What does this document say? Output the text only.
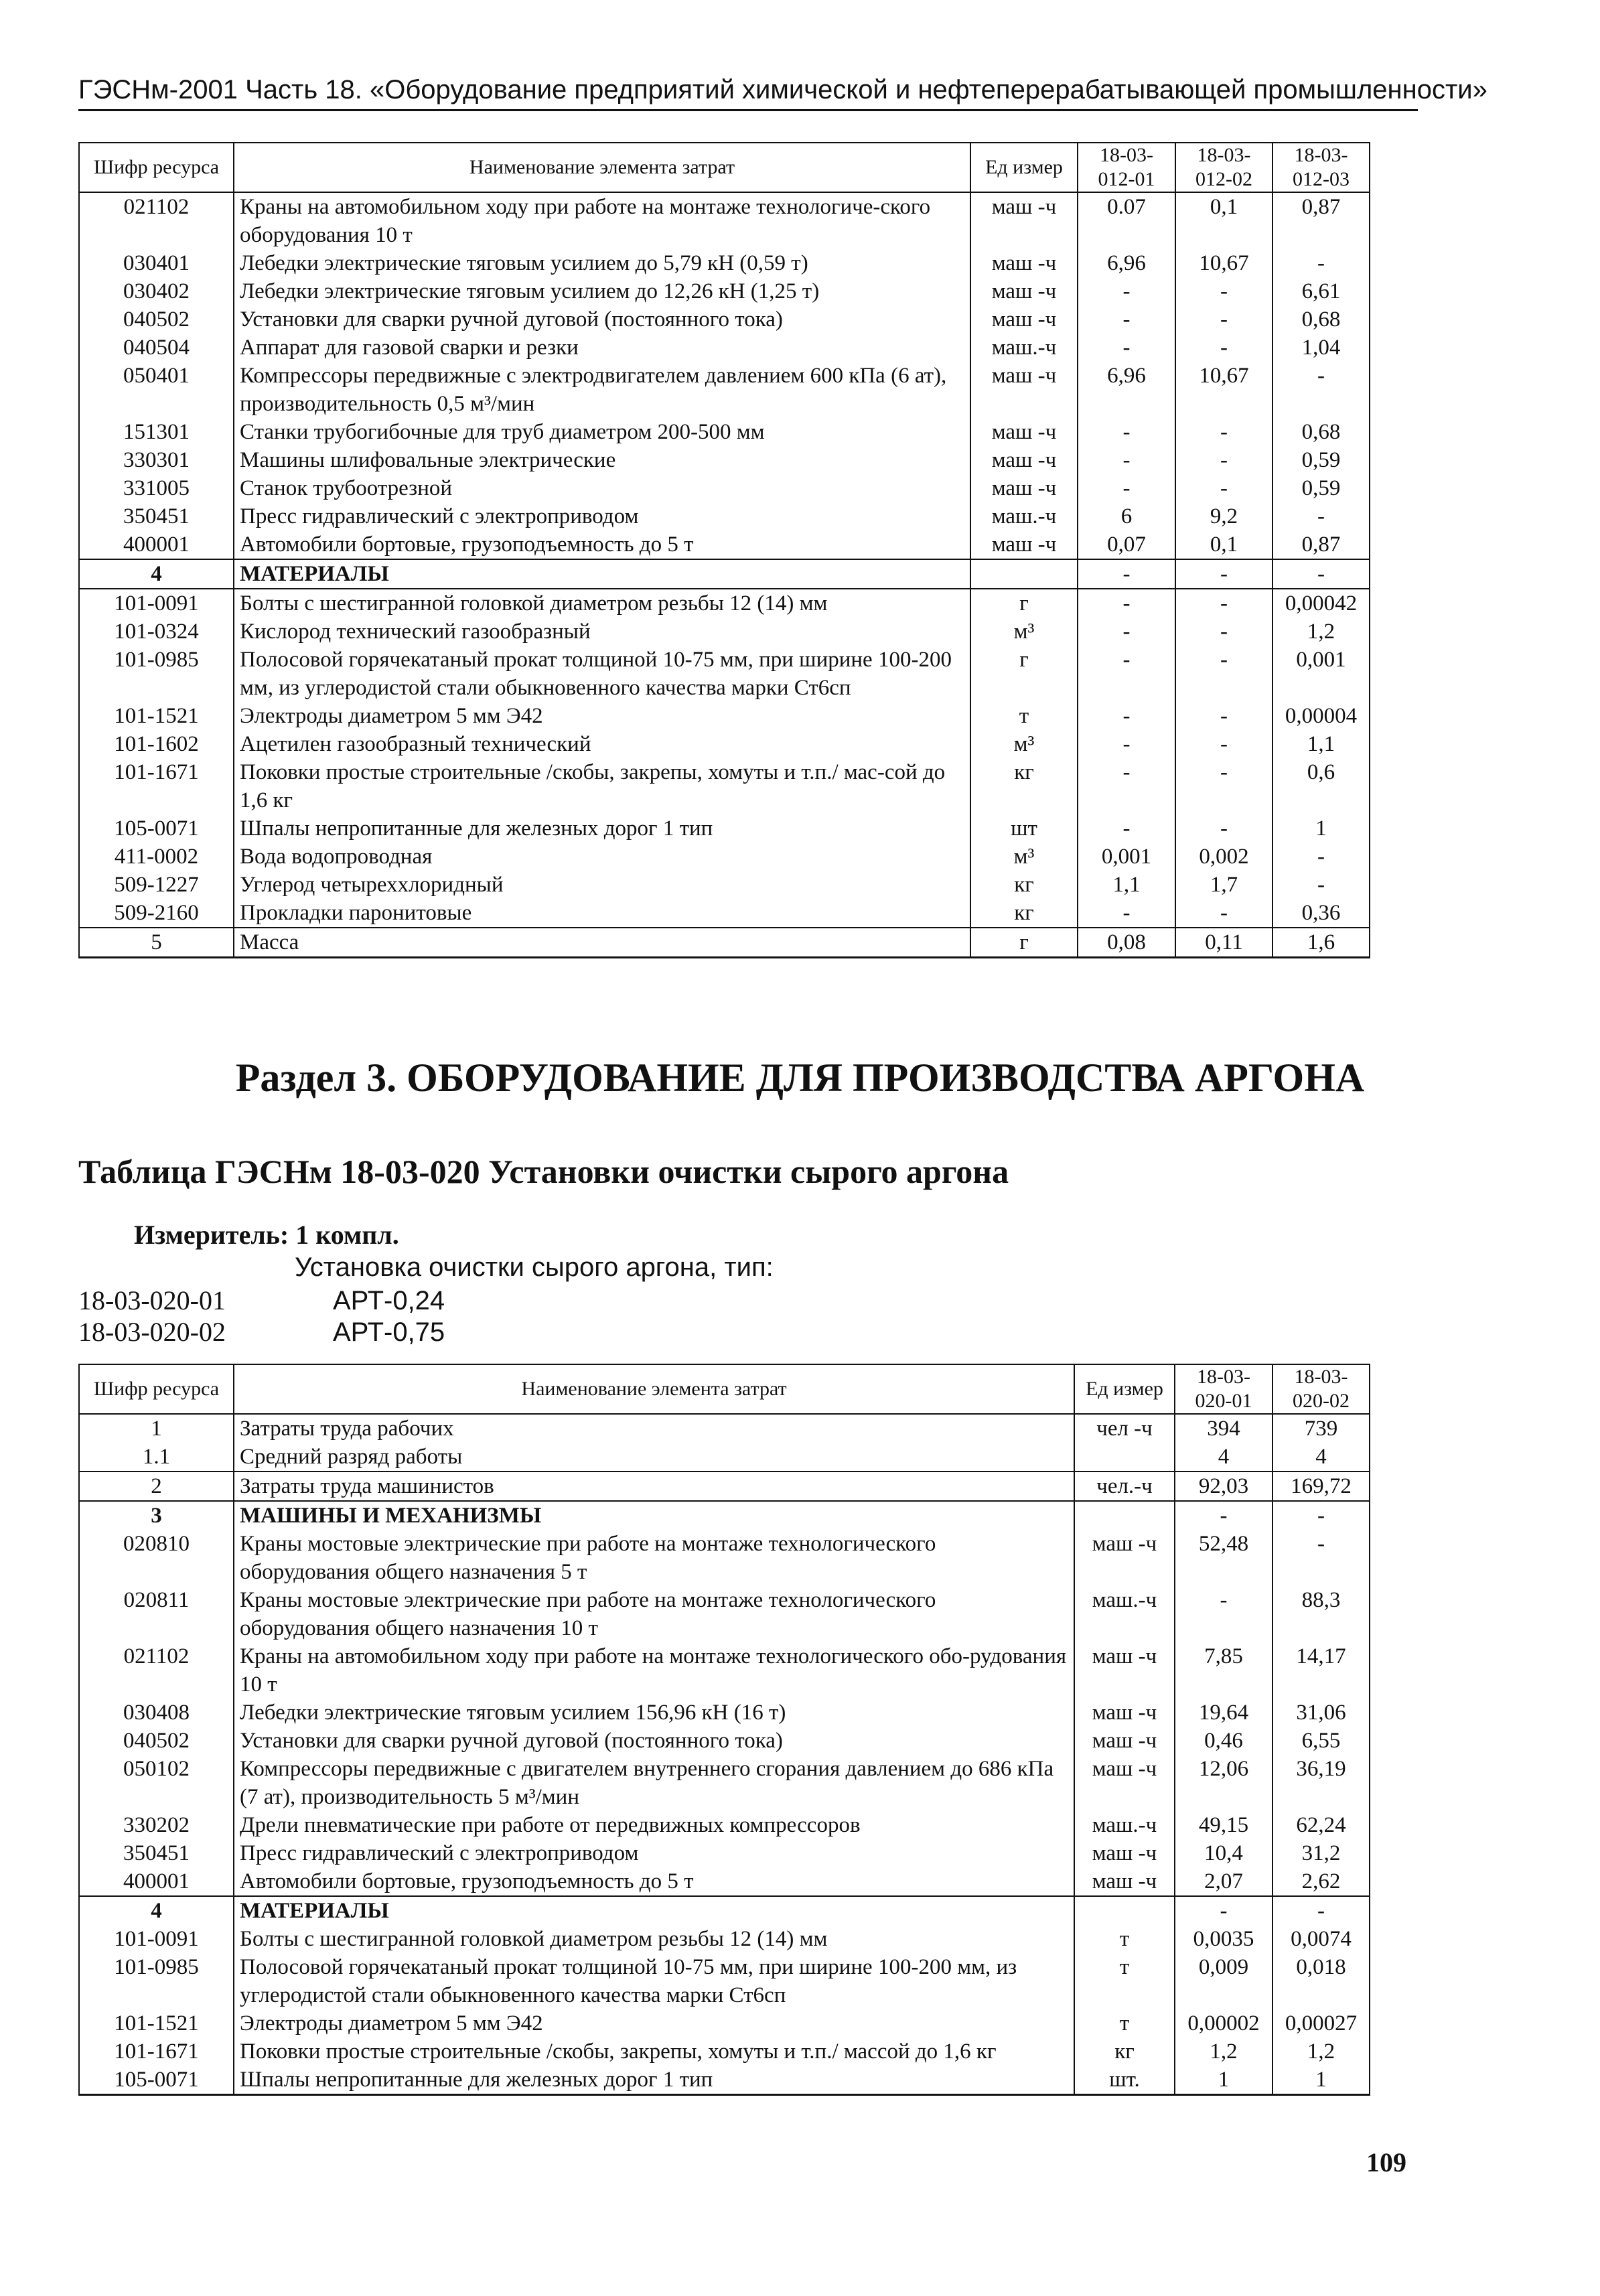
ГЭСНм-2001 Часть 18. «Оборудование предприятий химической и нефтеперерабатывающей промышленности»
Шифр ресурса	Наименование элемента затрат	Ед измер	18-03-012-01	18-03-012-02	18-03-012-03
021102	Краны на автомобильном ходу при работе на монтаже технологиче-ского оборудования 10 т	маш -ч	0.07	0,1	0,87
030401	Лебедки электрические тяговым усилием до 5,79 кН (0,59 т)	маш -ч	6,96	10,67	-
030402	Лебедки электрические тяговым усилием до 12,26 кН (1,25 т)	маш -ч	-	-	6,61
040502	Установки для сварки ручной дуговой (постоянного тока)	маш -ч	-	-	0,68
040504	Аппарат для газовой сварки и резки	маш.-ч	-	-	1,04
050401	Компрессоры передвижные с электродвигателем давлением 600 кПа (6 ат), производительность 0,5 м³/мин	маш -ч	6,96	10,67	-
151301	Станки трубогибочные для труб диаметром 200-500 мм	маш -ч	-	-	0,68
330301	Машины шлифовальные электрические	маш -ч	-	-	0,59
331005	Станок трубоотрезной	маш -ч	-	-	0,59
350451	Пресс гидравлический с электроприводом	маш.-ч	6	9,2	-
400001	Автомобили бортовые, грузоподъемность до 5 т	маш -ч	0,07	0,1	0,87
4	МАТЕРИАЛЫ		-	-	-
101-0091	Болты с шестигранной головкой диаметром резьбы 12 (14) мм	г	-	-	0,00042
101-0324	Кислород технический газообразный	м³	-	-	1,2
101-0985	Полосовой горячекатаный прокат толщиной 10-75 мм, при ширине 100-200 мм, из углеродистой стали обыкновенного качества марки Ст6сп	г	-	-	0,001
101-1521	Электроды диаметром 5 мм Э42	т	-	-	0,00004
101-1602	Ацетилен газообразный технический	м³	-	-	1,1
101-1671	Поковки простые строительные /скобы, закрепы, хомуты и т.п./ мас-сой до 1,6 кг	кг	-	-	0,6
105-0071	Шпалы непропитанные для железных дорог 1 тип	шт	-	-	1
411-0002	Вода водопроводная	м³	0,001	0,002	-
509-1227	Углерод четыреххлоридный	кг	1,1	1,7	-
509-2160	Прокладки паронитовые	кг	-	-	0,36
5	Масса	г	0,08	0,11	1,6
Раздел 3. ОБОРУДОВАНИЕ ДЛЯ ПРОИЗВОДСТВА АРГОНА
Таблица ГЭСНм 18-03-020 Установки очистки сырого аргона
Измеритель: 1 компл.
Установка очистки сырого аргона, тип:
18-03-020-01	АРТ-0,24
18-03-020-02	АРТ-0,75
Шифр ресурса	Наименование элемента затрат	Ед измер	18-03-020-01	18-03-020-02
1	Затраты труда рабочих	чел -ч	394	739
1.1	Средний разряд работы		4	4
2	Затраты труда машинистов	чел.-ч	92,03	169,72
3	МАШИНЫ И МЕХАНИЗМЫ		-	-
020810	Краны мостовые электрические при работе на монтаже технологического оборудования общего назначения 5 т	маш -ч	52,48	-
020811	Краны мостовые электрические при работе на монтаже технологического оборудования общего назначения 10 т	маш.-ч	-	88,3
021102	Краны на автомобильном ходу при работе на монтаже технологического обо-рудования 10 т	маш -ч	7,85	14,17
030408	Лебедки электрические тяговым усилием 156,96 кН (16 т)	маш -ч	19,64	31,06
040502	Установки для сварки ручной дуговой (постоянного тока)	маш -ч	0,46	6,55
050102	Компрессоры передвижные с двигателем внутреннего сгорания давлением до 686 кПа (7 ат), производительность 5 м³/мин	маш -ч	12,06	36,19
330202	Дрели пневматические при работе от передвижных компрессоров	маш.-ч	49,15	62,24
350451	Пресс гидравлический с электроприводом	маш -ч	10,4	31,2
400001	Автомобили бортовые, грузоподъемность до 5 т	маш -ч	2,07	2,62
4	МАТЕРИАЛЫ		-	-
101-0091	Болты с шестигранной головкой диаметром резьбы 12 (14) мм	т	0,0035	0,0074
101-0985	Полосовой горячекатаный прокат толщиной 10-75 мм, при ширине 100-200 мм, из углеродистой стали обыкновенного качества марки Ст6сп	т	0,009	0,018
101-1521	Электроды диаметром 5 мм Э42	т	0,00002	0,00027
101-1671	Поковки простые строительные /скобы, закрепы, хомуты и т.п./ массой до 1,6 кг	кг	1,2	1,2
105-0071	Шпалы непропитанные для железных дорог 1 тип	шт.	1	1
109
